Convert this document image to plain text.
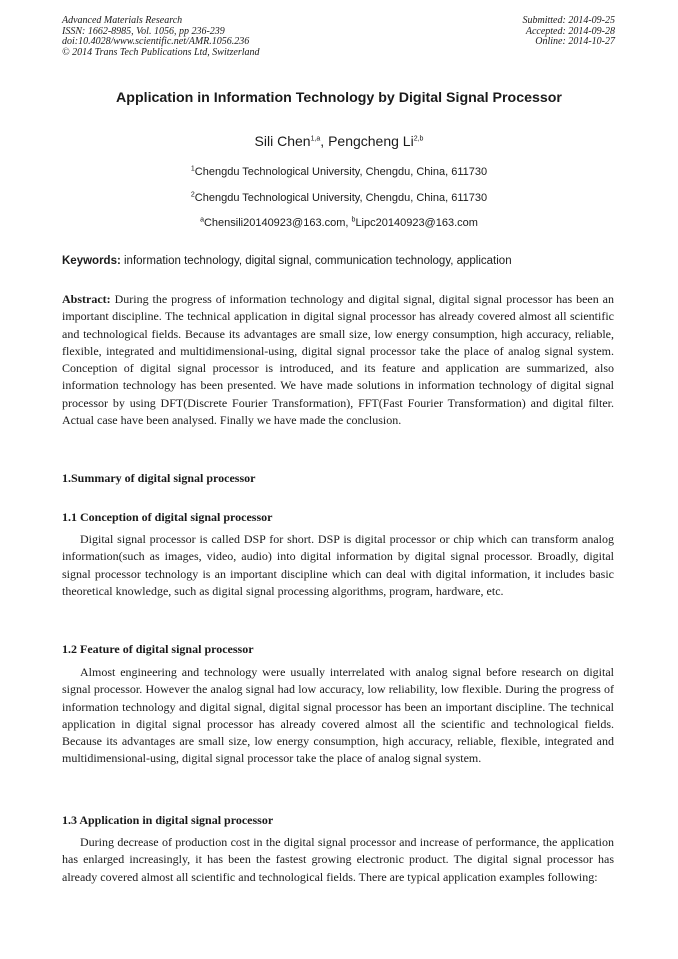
Advanced Materials Research
ISSN: 1662-8985, Vol. 1056, pp 236-239
doi:10.4028/www.scientific.net/AMR.1056.236
© 2014 Trans Tech Publications Ltd, Switzerland
Submitted: 2014-09-25
Accepted: 2014-09-28
Online: 2014-10-27
Application in Information Technology by Digital Signal Processor
Sili Chen$^{1,a}$, Pengcheng Li$^{2,b}$
$^1$Chengdu Technological University, Chengdu, China, 611730
$^2$Chengdu Technological University, Chengdu, China, 611730
$^a$Chensili20140923@163.com, $^b$Lipc20140923@163.com
Keywords: information technology, digital signal, communication technology, application
Abstract: During the progress of information technology and digital signal, digital signal processor has been an important discipline. The technical application in digital signal processor has already covered almost all scientific and technological fields. Because its advantages are small size, low energy consumption, high accuracy, reliable, flexible, integrated and multidimensional-using, digital signal processor take the place of analog signal system. Conception of digital signal processor is introduced, and its feature and application are summarized, also information technology has been presented. We have made solutions in information technology of digital signal processor by using DFT(Discrete Fourier Transformation), FFT(Fast Fourier Transformation) and digital filter. Actual case have been analysed. Finally we have made the conclusion.
1.Summary of digital signal processor
1.1 Conception of digital signal processor
Digital signal processor is called DSP for short. DSP is digital processor or chip which can transform analog information(such as images, video, audio) into digital information by digital signal processor. Broadly, digital signal processor technology is an important discipline which can deal with digital information, it includes basic theoretical knowledge, such as digital signal processing algorithms, program, hardware, etc.
1.2 Feature of digital signal processor
Almost engineering and technology were usually interrelated with analog signal before research on digital signal processor. However the analog signal had low accuracy, low reliability, low flexible. During the progress of information technology and digital signal, digital signal processor has been an important discipline. The technical application in digital signal processor has already covered almost all the scientific and technological fields. Because its advantages are small size, low energy consumption, high accuracy, reliable, flexible, integrated and multidimensional-using, digital signal processor take the place of analog signal system.
1.3 Application in digital signal processor
During decrease of production cost in the digital signal processor and increase of performance, the application has enlarged increasingly, it has been the fastest growing electronic product. The digital signal processor has already covered almost all scientific and technological fields. There are typical application examples following:
